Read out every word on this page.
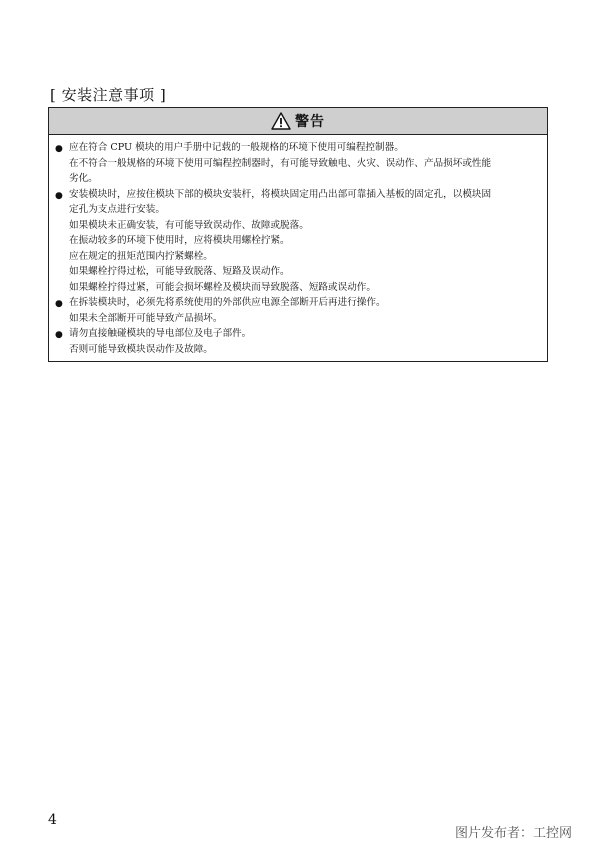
[ 安装注意事项 ]
警告
● 应在符合 CPU 模块的用户手册中记载的一般规格的环境下使用可编程控制器。
在不符合一般规格的环境下使用可编程控制器时，有可能导致触电、火灾、误动作、产品损坏或性能
劣化。
● 安装模块时，应按住模块下部的模块安装杆，将模块固定用凸出部可靠插入基板的固定孔，以模块固
定孔为支点进行安装。
如果模块未正确安装，有可能导致误动作、故障或脱落。
在振动较多的环境下使用时，应将模块用螺栓拧紧。
应在规定的扭矩范围内拧紧螺栓。
如果螺栓拧得过松，可能导致脱落、短路及误动作。
如果螺栓拧得过紧，可能会损坏螺栓及模块而导致脱落、短路或误动作。
● 在拆装模块时，必须先将系统使用的外部供应电源全部断开后再进行操作。
如果未全部断开可能导致产品损坏。
● 请勿直接触碰模块的导电部位及电子部件。
否则可能导致模块误动作及故障。
4
图片发布者：工控网
